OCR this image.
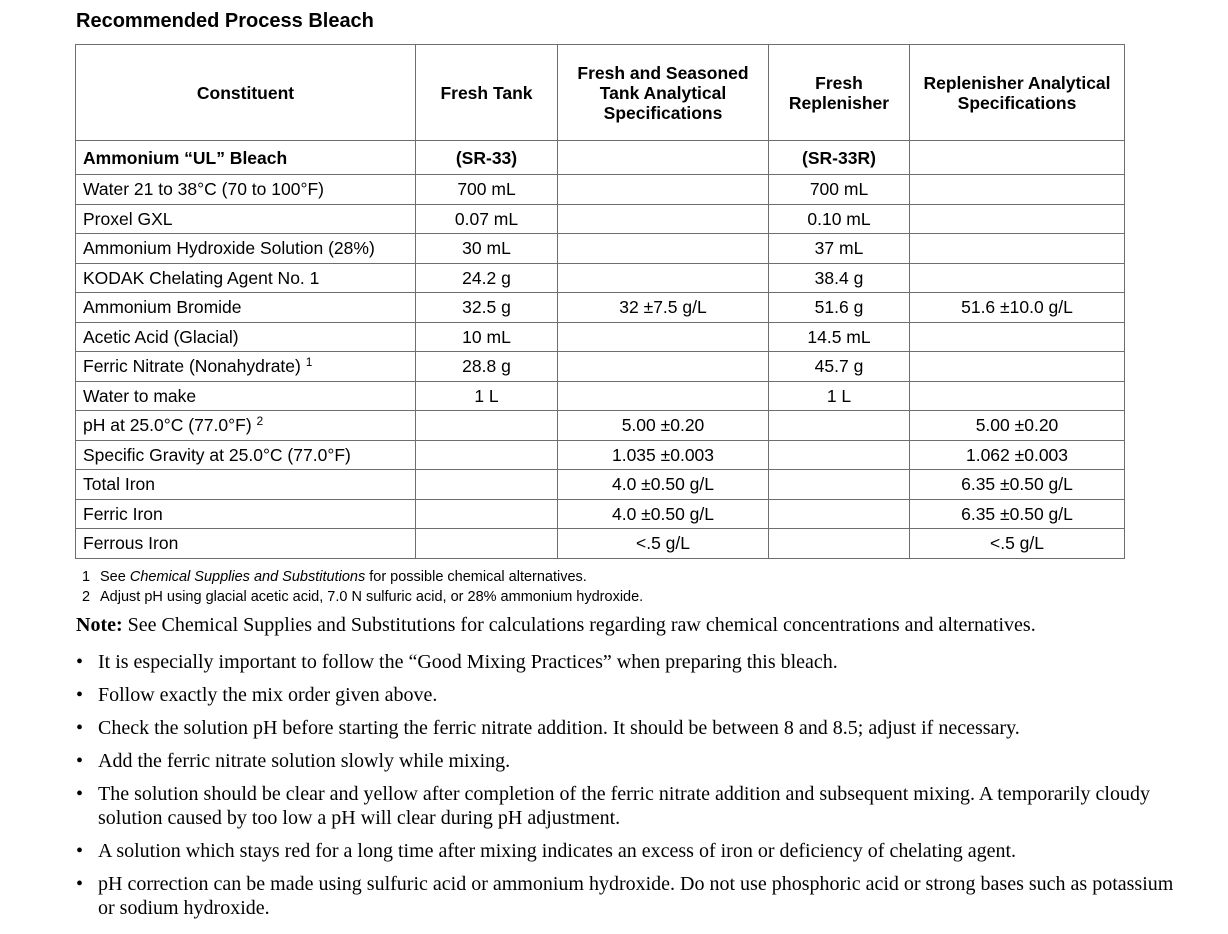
Recommended Process Bleach
Constituent	Fresh Tank	Fresh and Seasoned Tank Analytical Specifications	Fresh Replenisher	Replenisher Analytical Specifications
Ammonium “UL” Bleach	(SR-33)		(SR-33R)	
Water 21 to 38°C (70 to 100°F)	700 mL		700 mL	
Proxel GXL	0.07 mL		0.10 mL	
Ammonium Hydroxide Solution (28%)	30 mL		37 mL	
KODAK Chelating Agent No. 1	24.2 g		38.4 g	
Ammonium Bromide	32.5 g	32 ±7.5 g/L	51.6 g	51.6 ±10.0 g/L
Acetic Acid (Glacial)	10 mL		14.5 mL	
Ferric Nitrate (Nonahydrate) $^1$	28.8 g		45.7 g	
Water to make	1 L		1 L	
pH at 25.0°C (77.0°F) $^2$		5.00 ±0.20		5.00 ±0.20
Specific Gravity at 25.0°C (77.0°F)		1.035 ±0.003		1.062 ±0.003
Total Iron		4.0 ±0.50 g/L		6.35 ±0.50 g/L
Ferric Iron		4.0 ±0.50 g/L		6.35 ±0.50 g/L
Ferrous Iron		<.5 g/L		<.5 g/L
1 See Chemical Supplies and Substitutions for possible chemical alternatives.
2 Adjust pH using glacial acetic acid, 7.0 N sulfuric acid, or 28% ammonium hydroxide.
Note: See Chemical Supplies and Substitutions for calculations regarding raw chemical concentrations and alternatives.
• It is especially important to follow the “Good Mixing Practices” when preparing this bleach.
• Follow exactly the mix order given above.
• Check the solution pH before starting the ferric nitrate addition. It should be between 8 and 8.5; adjust if necessary.
• Add the ferric nitrate solution slowly while mixing.
• The solution should be clear and yellow after completion of the ferric nitrate addition and subsequent mixing. A temporarily cloudy solution caused by too low a pH will clear during pH adjustment.
• A solution which stays red for a long time after mixing indicates an excess of iron or deficiency of chelating agent.
• pH correction can be made using sulfuric acid or ammonium hydroxide. Do not use phosphoric acid or strong bases such as potassium or sodium hydroxide.
